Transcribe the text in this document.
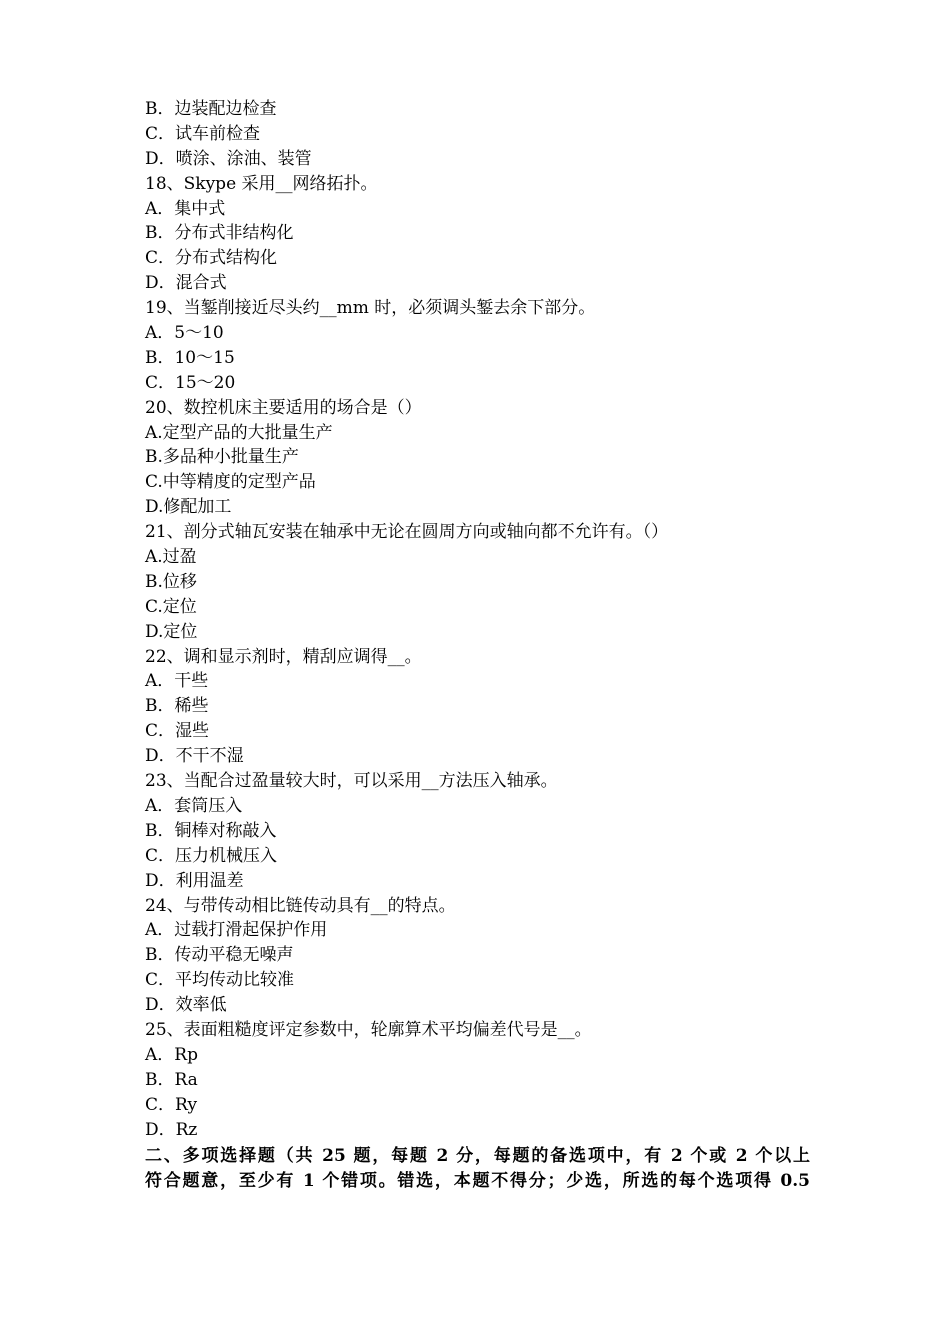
B．边装配边检查
C．试车前检查
D．喷涂、涂油、装管
18、Skype 采用__网络拓扑。
A．集中式
B．分布式非结构化
C．分布式结构化
D．混合式
19、当錾削接近尽头约__mm 时，必须调头錾去余下部分。
A．5～10
B．10～15
C．15～20
20、数控机床主要适用的场合是（）
A.定型产品的大批量生产
B.多品种小批量生产
C.中等精度的定型产品
D.修配加工
21、剖分式轴瓦安装在轴承中无论在圆周方向或轴向都不允许有。（）
A.过盈
B.位移
C.定位
D.定位
22、调和显示剂时，精刮应调得__。
A．干些
B．稀些
C．湿些
D．不干不湿
23、当配合过盈量较大时，可以采用__方法压入轴承。
A．套筒压入
B．铜棒对称敲入
C．压力机械压入
D．利用温差
24、与带传动相比链传动具有__的特点。
A．过载打滑起保护作用
B．传动平稳无噪声
C．平均传动比较准
D．效率低
25、表面粗糙度评定参数中，轮廓算术平均偏差代号是__。
A．Rp
B．Ra
C．Ry
D．Rz
二、多项选择题（共 25 题，每题 2 分，每题的备选项中，有 2 个或 2 个以上
符合题意，至少有 1 个错项。错选，本题不得分；少选，所选的每个选项得 0.5
